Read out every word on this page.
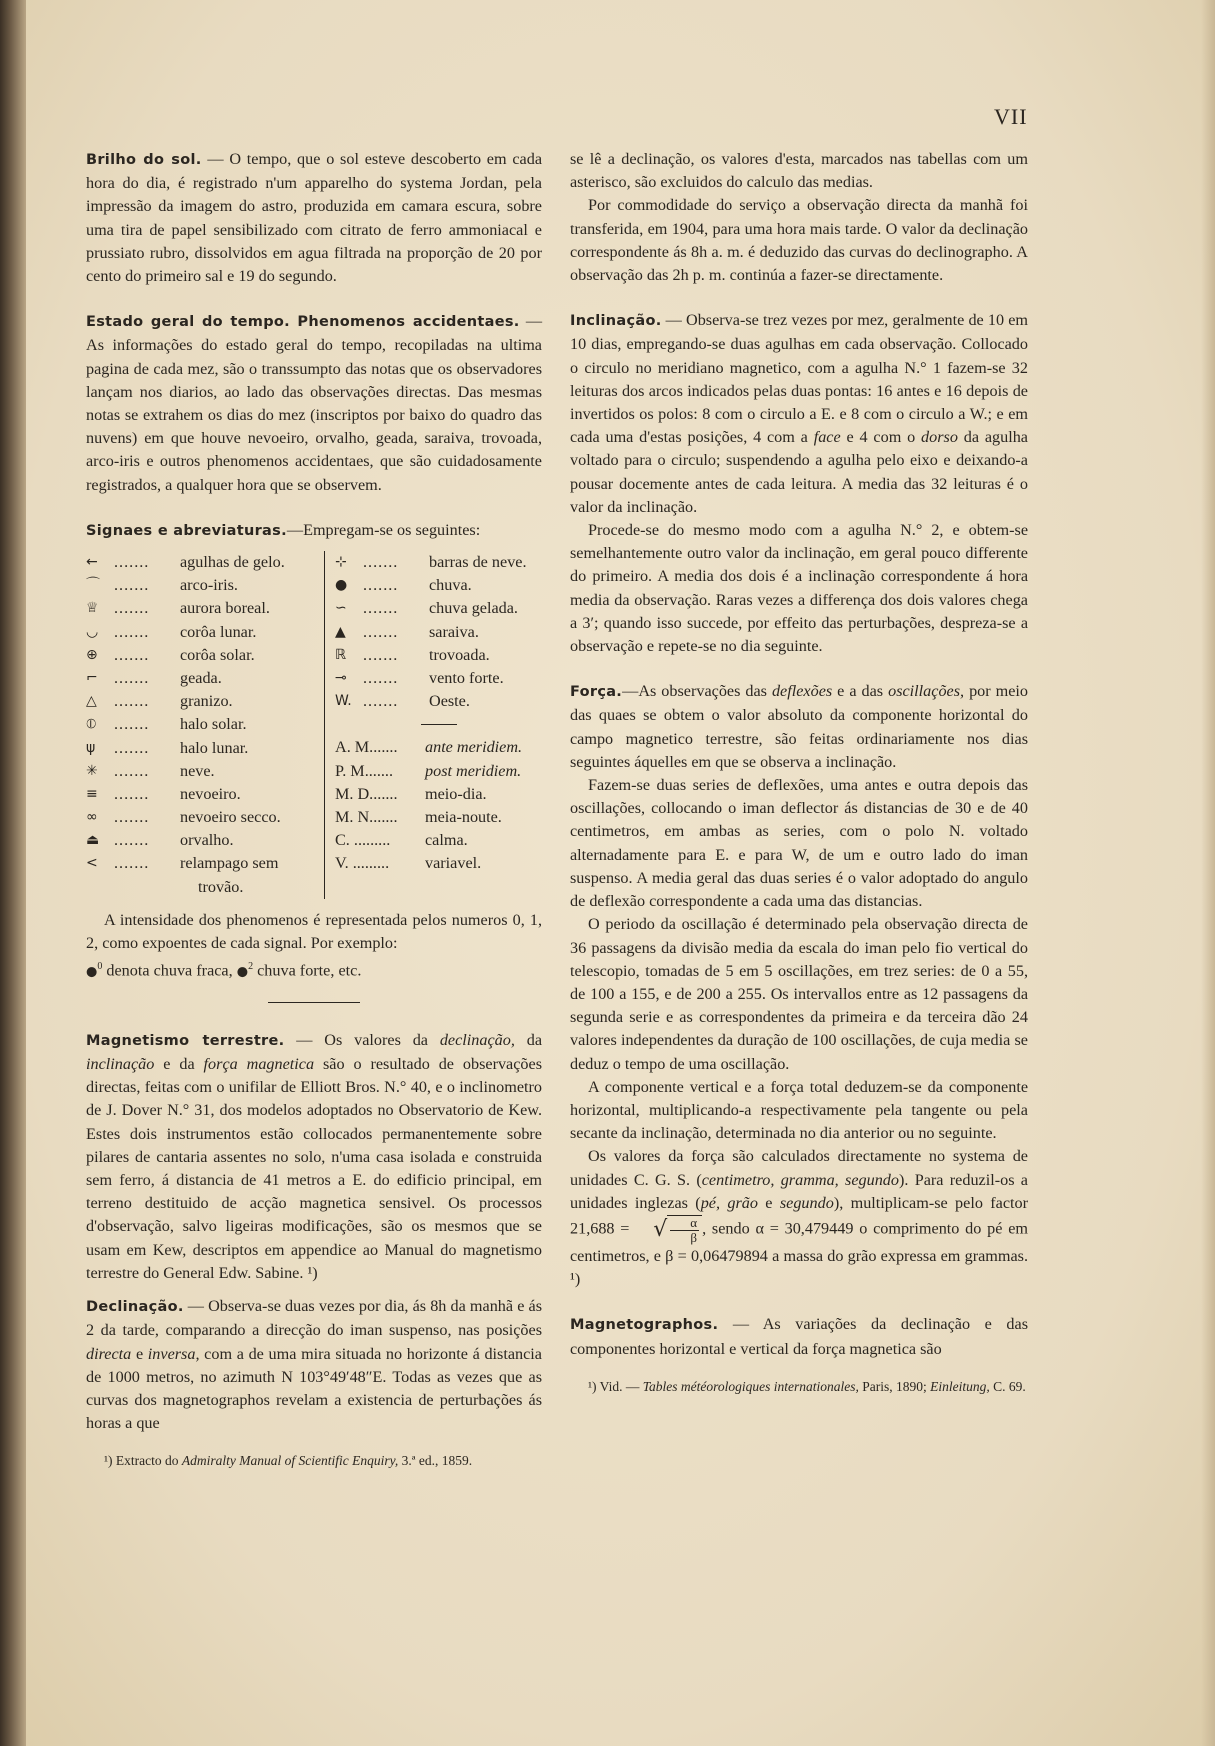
VII

Brilho do sol. — O tempo, que o sol esteve descoberto em cada hora do dia, é registrado n'um apparelho do systema Jordan, pela impressão da imagem do astro, produzida em camara escura, sobre uma tira de papel sensibilizado com citrato de ferro ammoniacal e prussiato rubro, dissolvidos em agua filtrada na proporção de 20 por cento do primeiro sal e 19 do segundo.

Estado geral do tempo. Phenomenos accidentaes. — As informações do estado geral do tempo, recopiladas na ultima pagina de cada mez, são o transsumpto das notas que os observadores lançam nos diarios, ao lado das observações directas. Das mesmas notas se extrahem os dias do mez (inscriptos por baixo do quadro das nuvens) em que houve nevoeiro, orvalho, geada, saraiva, trovoada, arco-iris e outros phenomenos accidentaes, que são cuidadosamente registrados, a qualquer hora que se observem.

Signaes e abreviaturas.—Empregam-se os seguintes:

←	.......	agulhas de gelo.
⌒ .......	arco-iris.
♕ .......	aurora boreal.
◡ .......	corôa lunar.
⊕	.......	corôa solar.
⌐	.......	geada.
△	.......	granizo.
⦶	.......	halo solar.
ψ	.......	halo lunar.
✳	.......	neve.
≡	.......	nevoeiro.
∞	.......	nevoeiro secco.
⏏ .......	orvalho.
<	.......	relampago sem
trovão.
⊹	.......	barras de neve.
● .......	chuva.
∽	.......	chuva gelada.
▲	.......	saraiva.
ℝ	.......	trovoada.
⊸	.......	vento forte.
W. .......	Oeste.
A. M.......	ante meridiem.
P. M.......	post meridiem.
M. D.......	meio-dia.
M. N.......	meia-noute.
C. .........	calma.
V. .........	variavel.

A intensidade dos phenomenos é representada pelos numeros 0, 1, 2, como expoentes de cada signal. Por exemplo:
●$^0$ denota chuva fraca, ●$^2$ chuva forte, etc.

Magnetismo terrestre. — Os valores da declinação, da inclinação e da força magnetica são o resultado de observações directas, feitas com o unifilar de Elliott Bros. N.° 40, e o inclinometro de J. Dover N.° 31, dos modelos adoptados no Observatorio de Kew. Estes dois instrumentos estão collocados permanentemente sobre pilares de cantaria assentes no solo, n'uma casa isolada e construida sem ferro, á distancia de 41 metros a E. do edificio principal, em terreno destituido de acção magnetica sensivel. Os processos d'observação, salvo ligeiras modificações, são os mesmos que se usam em Kew, descriptos em appendice ao Manual do magnetismo terrestre do General Edw. Sabine. ¹)

Declinação. — Observa-se duas vezes por dia, ás 8h da manhã e ás 2 da tarde, comparando a direcção do iman suspenso, nas posições directa e inversa, com a de uma mira situada no horizonte á distancia de 1000 metros, no azimuth N 103°49′48″E. Todas as vezes que as curvas dos magnetographos revelam a existencia de perturbações ás horas a que

¹) Extracto do Admiralty Manual of Scientific Enquiry, 3.ª ed., 1859.

se lê a declinação, os valores d'esta, marcados nas tabellas com um asterisco, são excluidos do calculo das medias.

Por commodidade do serviço a observação directa da manhã foi transferida, em 1904, para uma hora mais tarde. O valor da declinação correspondente ás 8h a. m. é deduzido das curvas do declinographo. A observação das 2h p. m. continúa a fazer-se directamente.

Inclinação. — Observa-se trez vezes por mez, geralmente de 10 em 10 dias, empregando-se duas agulhas em cada observação. Collocado o circulo no meridiano magnetico, com a agulha N.° 1 fazem-se 32 leituras dos arcos indicados pelas duas pontas: 16 antes e 16 depois de invertidos os polos: 8 com o circulo a E. e 8 com o circulo a W.; e em cada uma d'estas posições, 4 com a face e 4 com o dorso da agulha voltado para o circulo; suspendendo a agulha pelo eixo e deixando-a pousar docemente antes de cada leitura. A media das 32 leituras é o valor da inclinação.

Procede-se do mesmo modo com a agulha N.° 2, e obtem-se semelhantemente outro valor da inclinação, em geral pouco differente do primeiro. A media dos dois é a inclinação correspondente á hora media da observação. Raras vezes a differença dos dois valores chega a 3′; quando isso succede, por effeito das perturbações, despreza-se a observação e repete-se no dia seguinte.

Força.—As observações das deflexões e a das oscillações, por meio das quaes se obtem o valor absoluto da componente horizontal do campo magnetico terrestre, são feitas ordinariamente nos dias seguintes áquelles em que se observa a inclinação.

Fazem-se duas series de deflexões, uma antes e outra depois das oscillações, collocando o iman deflector ás distancias de 30 e de 40 centimetros, em ambas as series, com o polo N. voltado alternadamente para E. e para W, de um e outro lado do iman suspenso. A media geral das duas series é o valor adoptado do angulo de deflexão correspondente a cada uma das distancias.

O periodo da oscillação é determinado pela observação directa de 36 passagens da divisão media da escala do iman pelo fio vertical do telescopio, tomadas de 5 em 5 oscillações, em trez series: de 0 a 55, de 100 a 155, e de 200 a 255. Os intervallos entre as 12 passagens da segunda serie e as correspondentes da primeira e da terceira dão 24 valores independentes da duração de 100 oscillações, de cuja media se deduz o tempo de uma oscillação.

A componente vertical e a força total deduzem-se da componente horizontal, multiplicando-a respectivamente pela tangente ou pela secante da inclinação, determinada no dia anterior ou no seguinte.

Os valores da força são calculados directamente no systema de unidades C. G. S. (centimetro, gramma, segundo). Para reduzil-os a unidades inglezas (pé, grão e segundo), multiplicam-se pelo factor 21,688 = √ $\frac{\alpha}{\beta}$ , sendo α = 30,479449 o comprimento do pé em centimetros, e β = 0,06479894 a massa do grão expressa em grammas. ¹)

Magnetographos. — As variações da declinação e das componentes horizontal e vertical da força magnetica são

¹) Vid. — Tables météorologiques internationales, Paris, 1890; Einleitung, C. 69.
